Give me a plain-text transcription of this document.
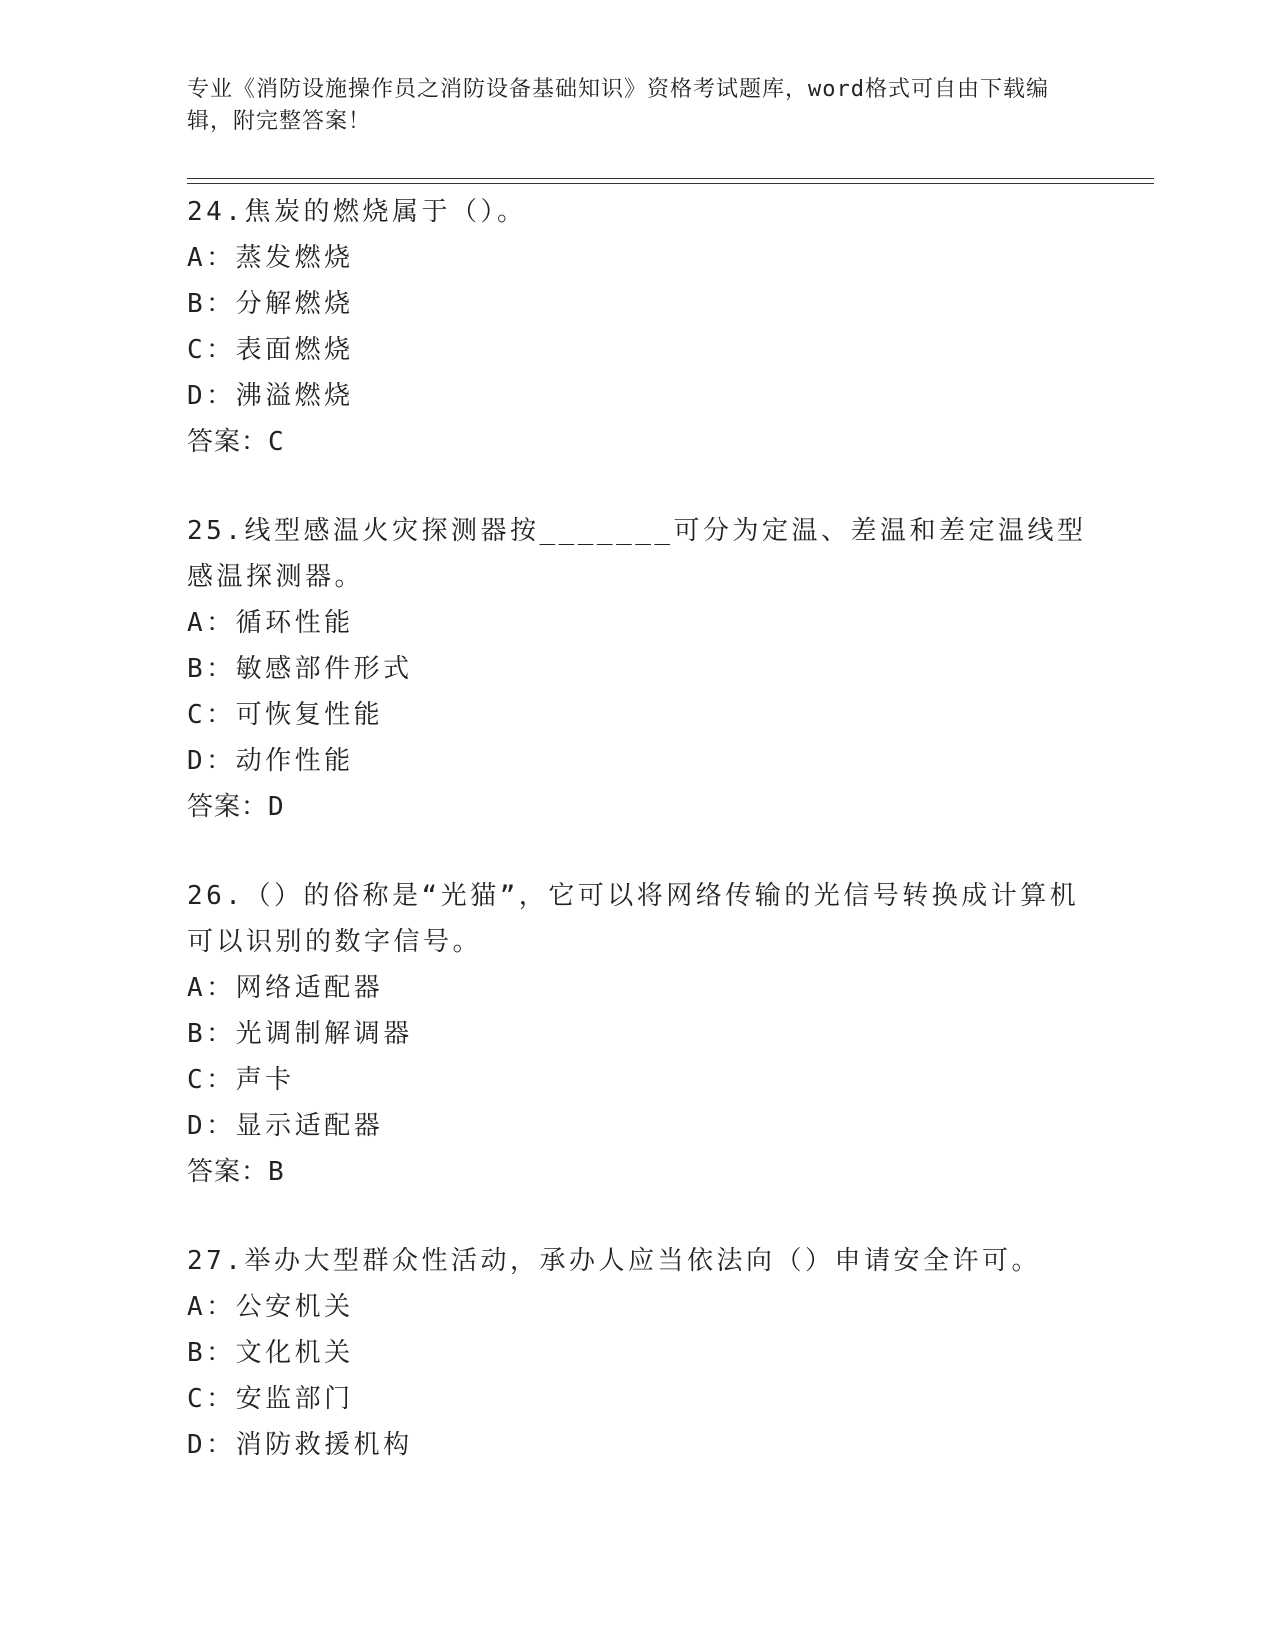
专业《消防设施操作员之消防设备基础知识》资格考试题库，word格式可自由下载编辑，附完整答案！

24.焦炭的燃烧属于（）。

A：蒸发燃烧

B：分解燃烧

C：表面燃烧

D：沸溢燃烧

答案：C

25.线型感温火灾探测器按_______可分为定温、差温和差定温线型感温探测器。

A：循环性能

B：敏感部件形式

C：可恢复性能

D：动作性能

答案：D

26.（）的俗称是“光猫”，它可以将网络传输的光信号转换成计算机可以识别的数字信号。

A：网络适配器

B：光调制解调器

C：声卡

D：显示适配器

答案：B

27.举办大型群众性活动，承办人应当依法向（）申请安全许可。

A：公安机关

B：文化机关

C：安监部门

D：消防救援机构
